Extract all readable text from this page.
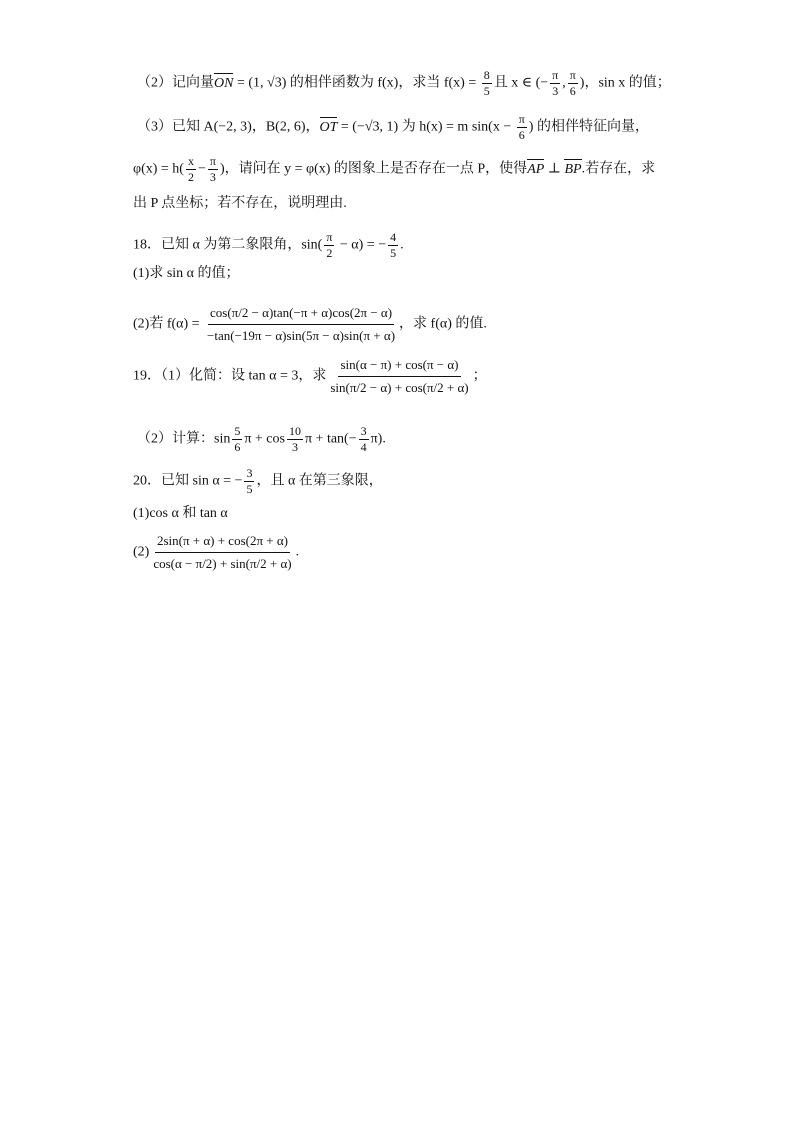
（2）记向量ON = (1, √3) 的相伴函数为 f(x)，求当 $f(x) = \frac{8}{5}$ 且 x ∈ (− $\frac{\pi}{3}$ , $\frac{\pi}{6}$ )，sin x 的值；
（3）已知 A(−2, 3)，B(2, 6)，OT = (−√3, 1) 为 h(x) = m $\sin(x - \frac{\pi}{6}$ ) 的相伴特征向量，
$\varphi(x) = h( \frac{x}{2} - \frac{\pi}{3}$ )，请问在 y = φ(x) 的图象上是否存在一点 P，使得AP ⊥ BP.若存在，求
出 P 点坐标；若不存在，说明理由.
18．已知 α 为第二象限角，$\sin( \frac{\pi}{2} - \alpha)$ = − $\frac{4}{5}$ .
(1)求 sin α 的值；
(2)若 $f(\alpha) = \frac{\cos(\pi/2 - \alpha)\tan(-\pi + \alpha)\cos(2\pi - \alpha)}{-\tan(-19\pi - \alpha)\sin(5\pi - \alpha)\sin(\pi + \alpha)}$ ，求 f(α) 的值.
19．（1）化简：设 tan α = 3，求 $\frac{\sin(\alpha - \pi) + \cos(\pi - \alpha)}{\sin(\pi/2 - \alpha) + \cos(\pi/2 + \alpha)}$ ；
（2）计算：$\sin \frac{5}{6}$ $\pi + \cos \frac{10}{3}$ $\pi + \tan(- \frac{3}{4} \pi)$.
20．已知 sin α = − $\frac{3}{5}$ ，且 α 在第三象限，
(1)cos α 和 tan α
$(2) \frac{2\sin(\pi + \alpha) + \cos(2\pi + \alpha)}{\cos(\alpha - \pi/2) + \sin(\pi/2 + \alpha)}$ .
